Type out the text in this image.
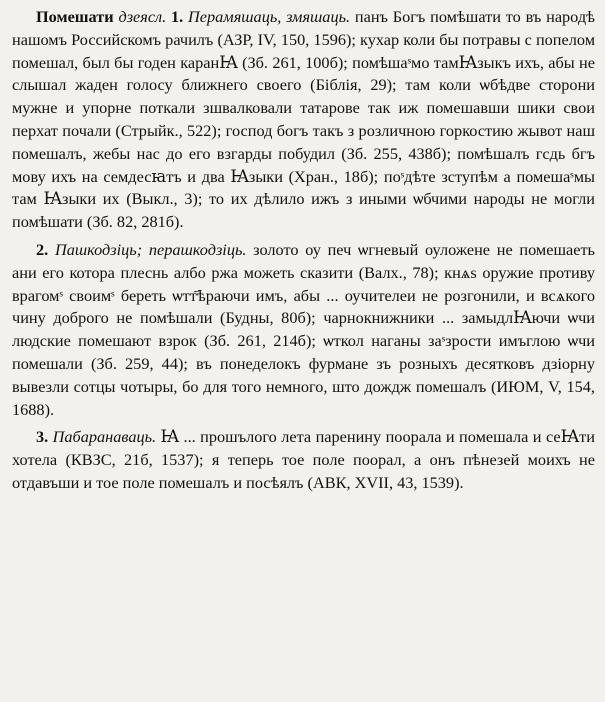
Помешати дзеясл. 1. Перамяшаць, змяшаць. панъ Богъ помѣшати то въ народѣ нашомъ Российскомъ рачилъ (АЗР, IV, 150, 1596); кухар коли бы потравы с попелом помешал, был бы годен каранꙖ (Зб. 261, 100б); помѣшаˢмо тамꙖзыкъ ихъ, абы не слышал жаден голосу ближнего своего (Біблія, 29); там коли ѡбѣдве сторони мужне и упорне поткали зшвалковали татарове так иж помешавши шики свои перхат почали (Стрыйк., 522); господ богъ такъ з розличною горкостию жывот наш помешалъ, жебы нас до его взгарды побудил (Зб. 255, 438б); помѣшалъ гсдь бгъ мову ихъ на семдесꙗтъ и два Ꙗзыки (Хран., 18б); поˢдѣте зступѣм а помешаˢмы там Ꙗзыки их (Выкл., 3); то их дѣлило ижъ з иными ѡбчими народы не могли помѣшати (Зб. 82, 281б).

2. Пашкодзіць; перашкодзіць. золото оу печ ѡгневый оуложене не помешаеть ани его котора плеснь албо ржа можеть сказити (Валх., 78); кнѧѕ оружие противу врагомˢ своимˢ береть ѡтт҃ѣраючи имъ, абы ... оучителеи не розгонили, и всѧкого чину доброго не помѣшали (Будны, 80б); чарнокнижники ... замыдлꙖючи ѡчи людские помешают взрок (Зб. 261, 214б); ѡткол наганы заˢзрости имъглою ѡчи помешали (Зб. 259, 44); въ понеделокъ фурмане зъ розныхъ десятковъ дзіорну вывезли сотцы чотыры, бо для того немного, што дождж помешалъ (ИЮМ, V, 154, 1688).

3. Пабаранаваць. Ꙗ ... прошълого лета паренину поорала и помешала и сеꙖти хотела (КВЗС, 21б, 1537); я теперь тое поле поорал, а онъ пѣнезей моихъ не отдавъши и тое поле помешалъ и посѣялъ (АВК, XVII, 43, 1539).
